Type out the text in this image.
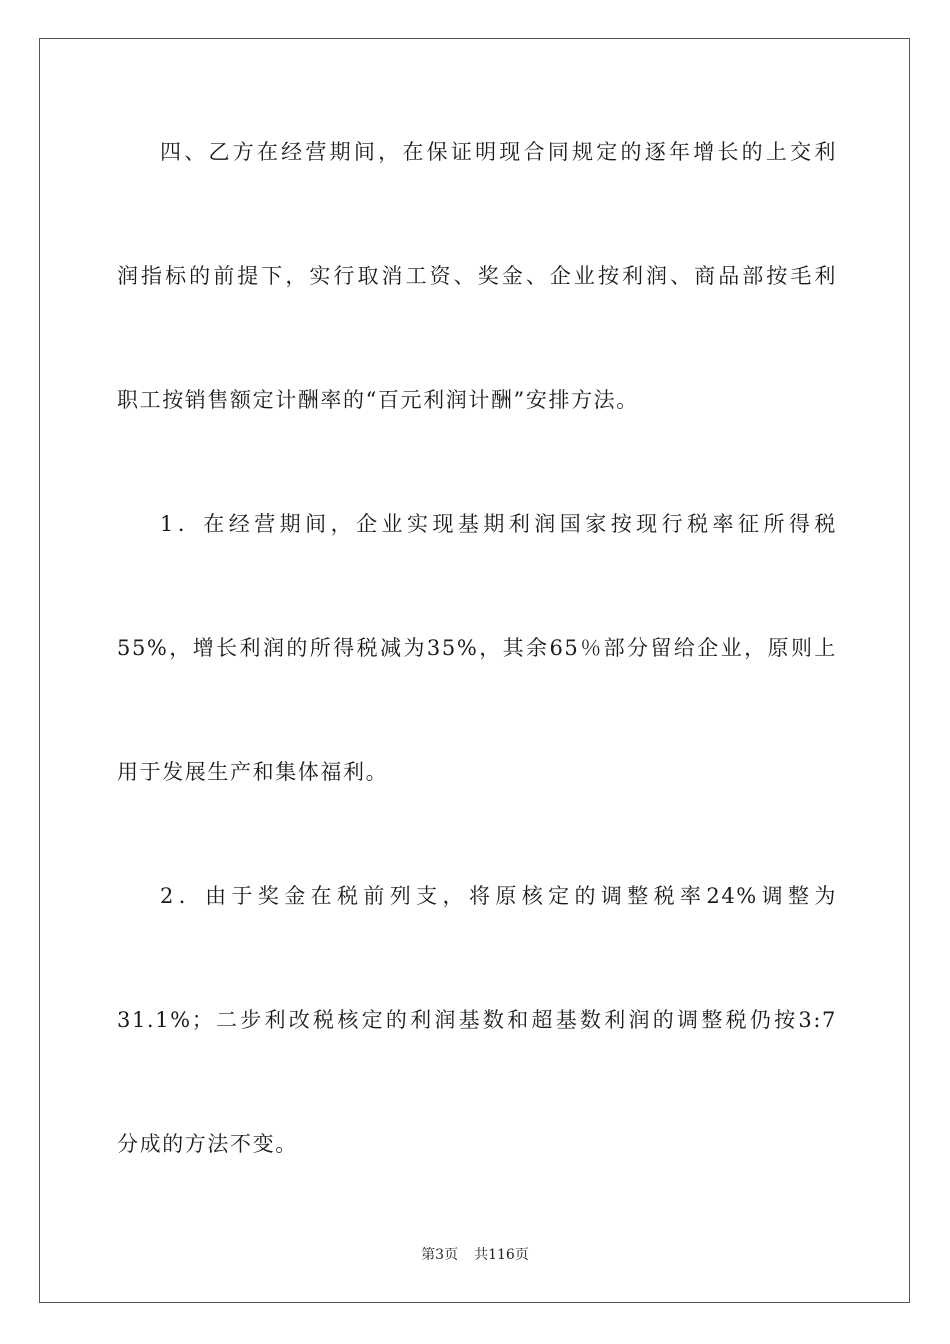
四、乙方在经营期间，在保证明现合同规定的逐年增长的上交利
润指标的前提下，实行取消工资、奖金、企业按利润、商品部按毛利
职工按销售额定计酬率的“百元利润计酬”安排方法。
1．在经营期间，企业实现基期利润国家按现行税率征所得税
55%，增长利润的所得税减为35%，其余65％部分留给企业，原则上
用于发展生产和集体福利。
2．由于奖金在税前列支，将原核定的调整税率24%调整为
31.1%；二步利改税核定的利润基数和超基数利润的调整税仍按3:7
分成的方法不变。
第3页 共116页
